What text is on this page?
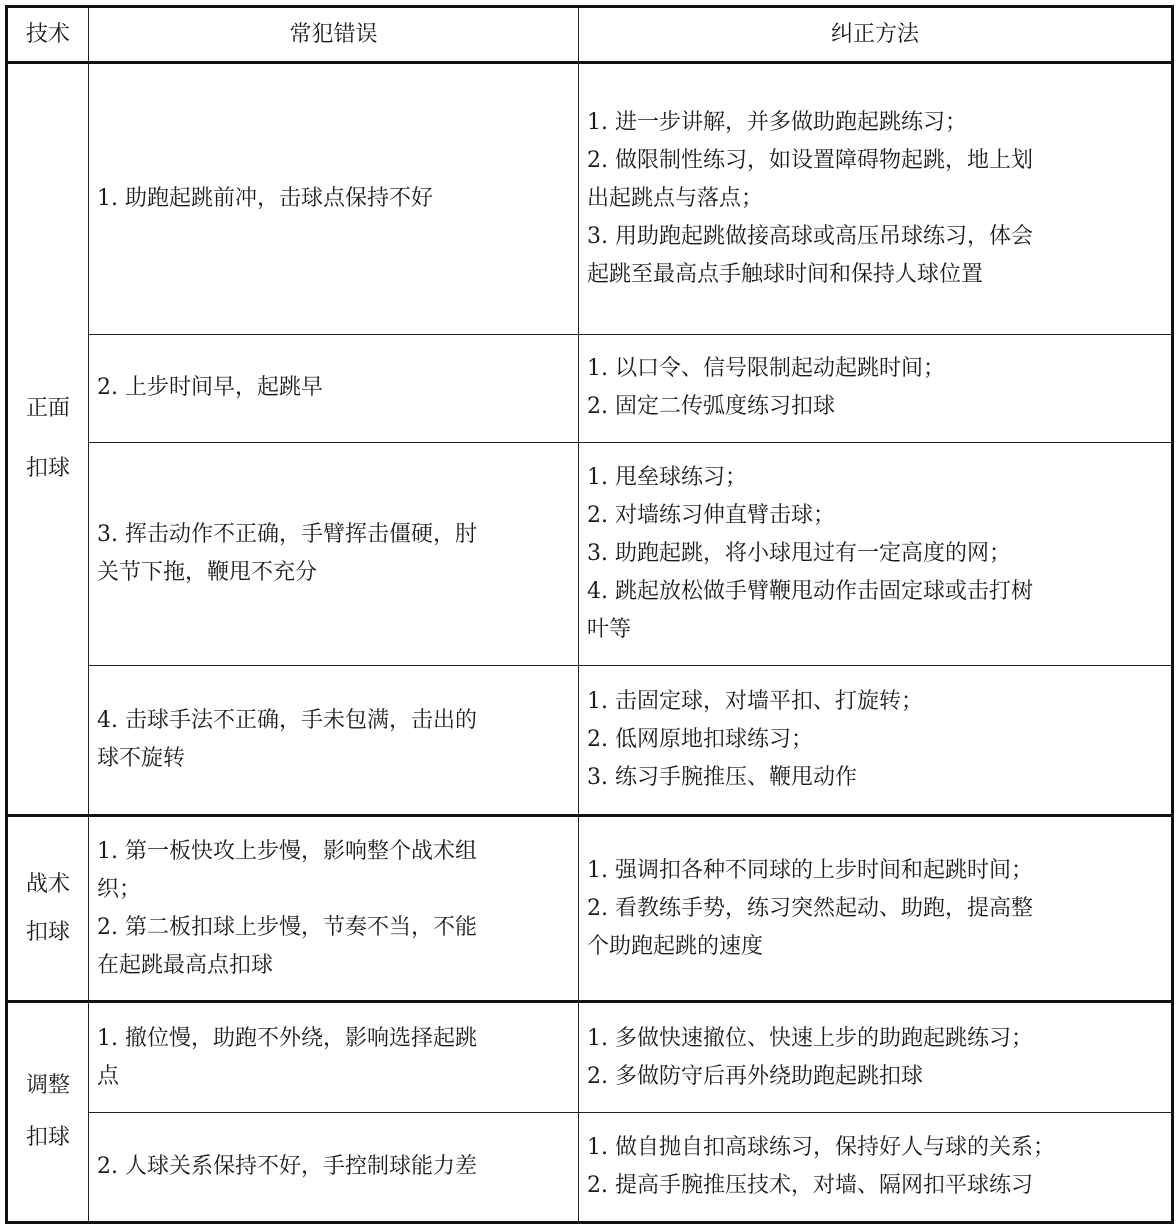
技术	常犯错误	纠正方法

正面
扣球	1. 助跑起跳前冲，击球点保持不好	1. 进一步讲解，并多做助跑起跳练习；
2. 做限制性练习，如设置障碍物起跳，地上划
出起跳点与落点；
3. 用助跑起跳做接高球或高压吊球练习，体会
起跳至最高点手触球时间和保持人球位置

	2. 上步时间早，起跳早	1. 以口令、信号限制起动起跳时间；
2. 固定二传弧度练习扣球

	3. 挥击动作不正确，手臂挥击僵硬，肘
关节下拖，鞭甩不充分	1. 甩垒球练习；
2. 对墙练习伸直臂击球；
3. 助跑起跳，将小球甩过有一定高度的网；
4. 跳起放松做手臂鞭甩动作击固定球或击打树
叶等

	4. 击球手法不正确，手未包满，击出的
球不旋转	1. 击固定球，对墙平扣、打旋转；
2. 低网原地扣球练习；
3. 练习手腕推压、鞭甩动作

战术
扣球	1. 第一板快攻上步慢，影响整个战术组
织；
2. 第二板扣球上步慢，节奏不当，不能
在起跳最高点扣球	1. 强调扣各种不同球的上步时间和起跳时间；
2. 看教练手势，练习突然起动、助跑，提高整
个助跑起跳的速度

调整
扣球	1. 撤位慢，助跑不外绕，影响选择起跳
点	1. 多做快速撤位、快速上步的助跑起跳练习；
2. 多做防守后再外绕助跑起跳扣球

	2. 人球关系保持不好，手控制球能力差	1. 做自抛自扣高球练习，保持好人与球的关系；
2. 提高手腕推压技术，对墙、隔网扣平球练习
